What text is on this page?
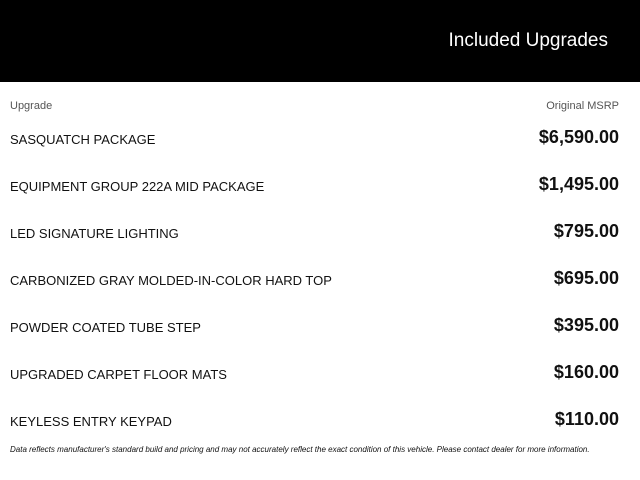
Included Upgrades
Upgrade	Original MSRP
SASQUATCH PACKAGE	$6,590.00
EQUIPMENT GROUP 222A MID PACKAGE	$1,495.00
LED SIGNATURE LIGHTING	$795.00
CARBONIZED GRAY MOLDED-IN-COLOR HARD TOP	$695.00
POWDER COATED TUBE STEP	$395.00
UPGRADED CARPET FLOOR MATS	$160.00
KEYLESS ENTRY KEYPAD	$110.00
Data reflects manufacturer's standard build and pricing and may not accurately reflect the exact condition of this vehicle. Please contact dealer for more information.
